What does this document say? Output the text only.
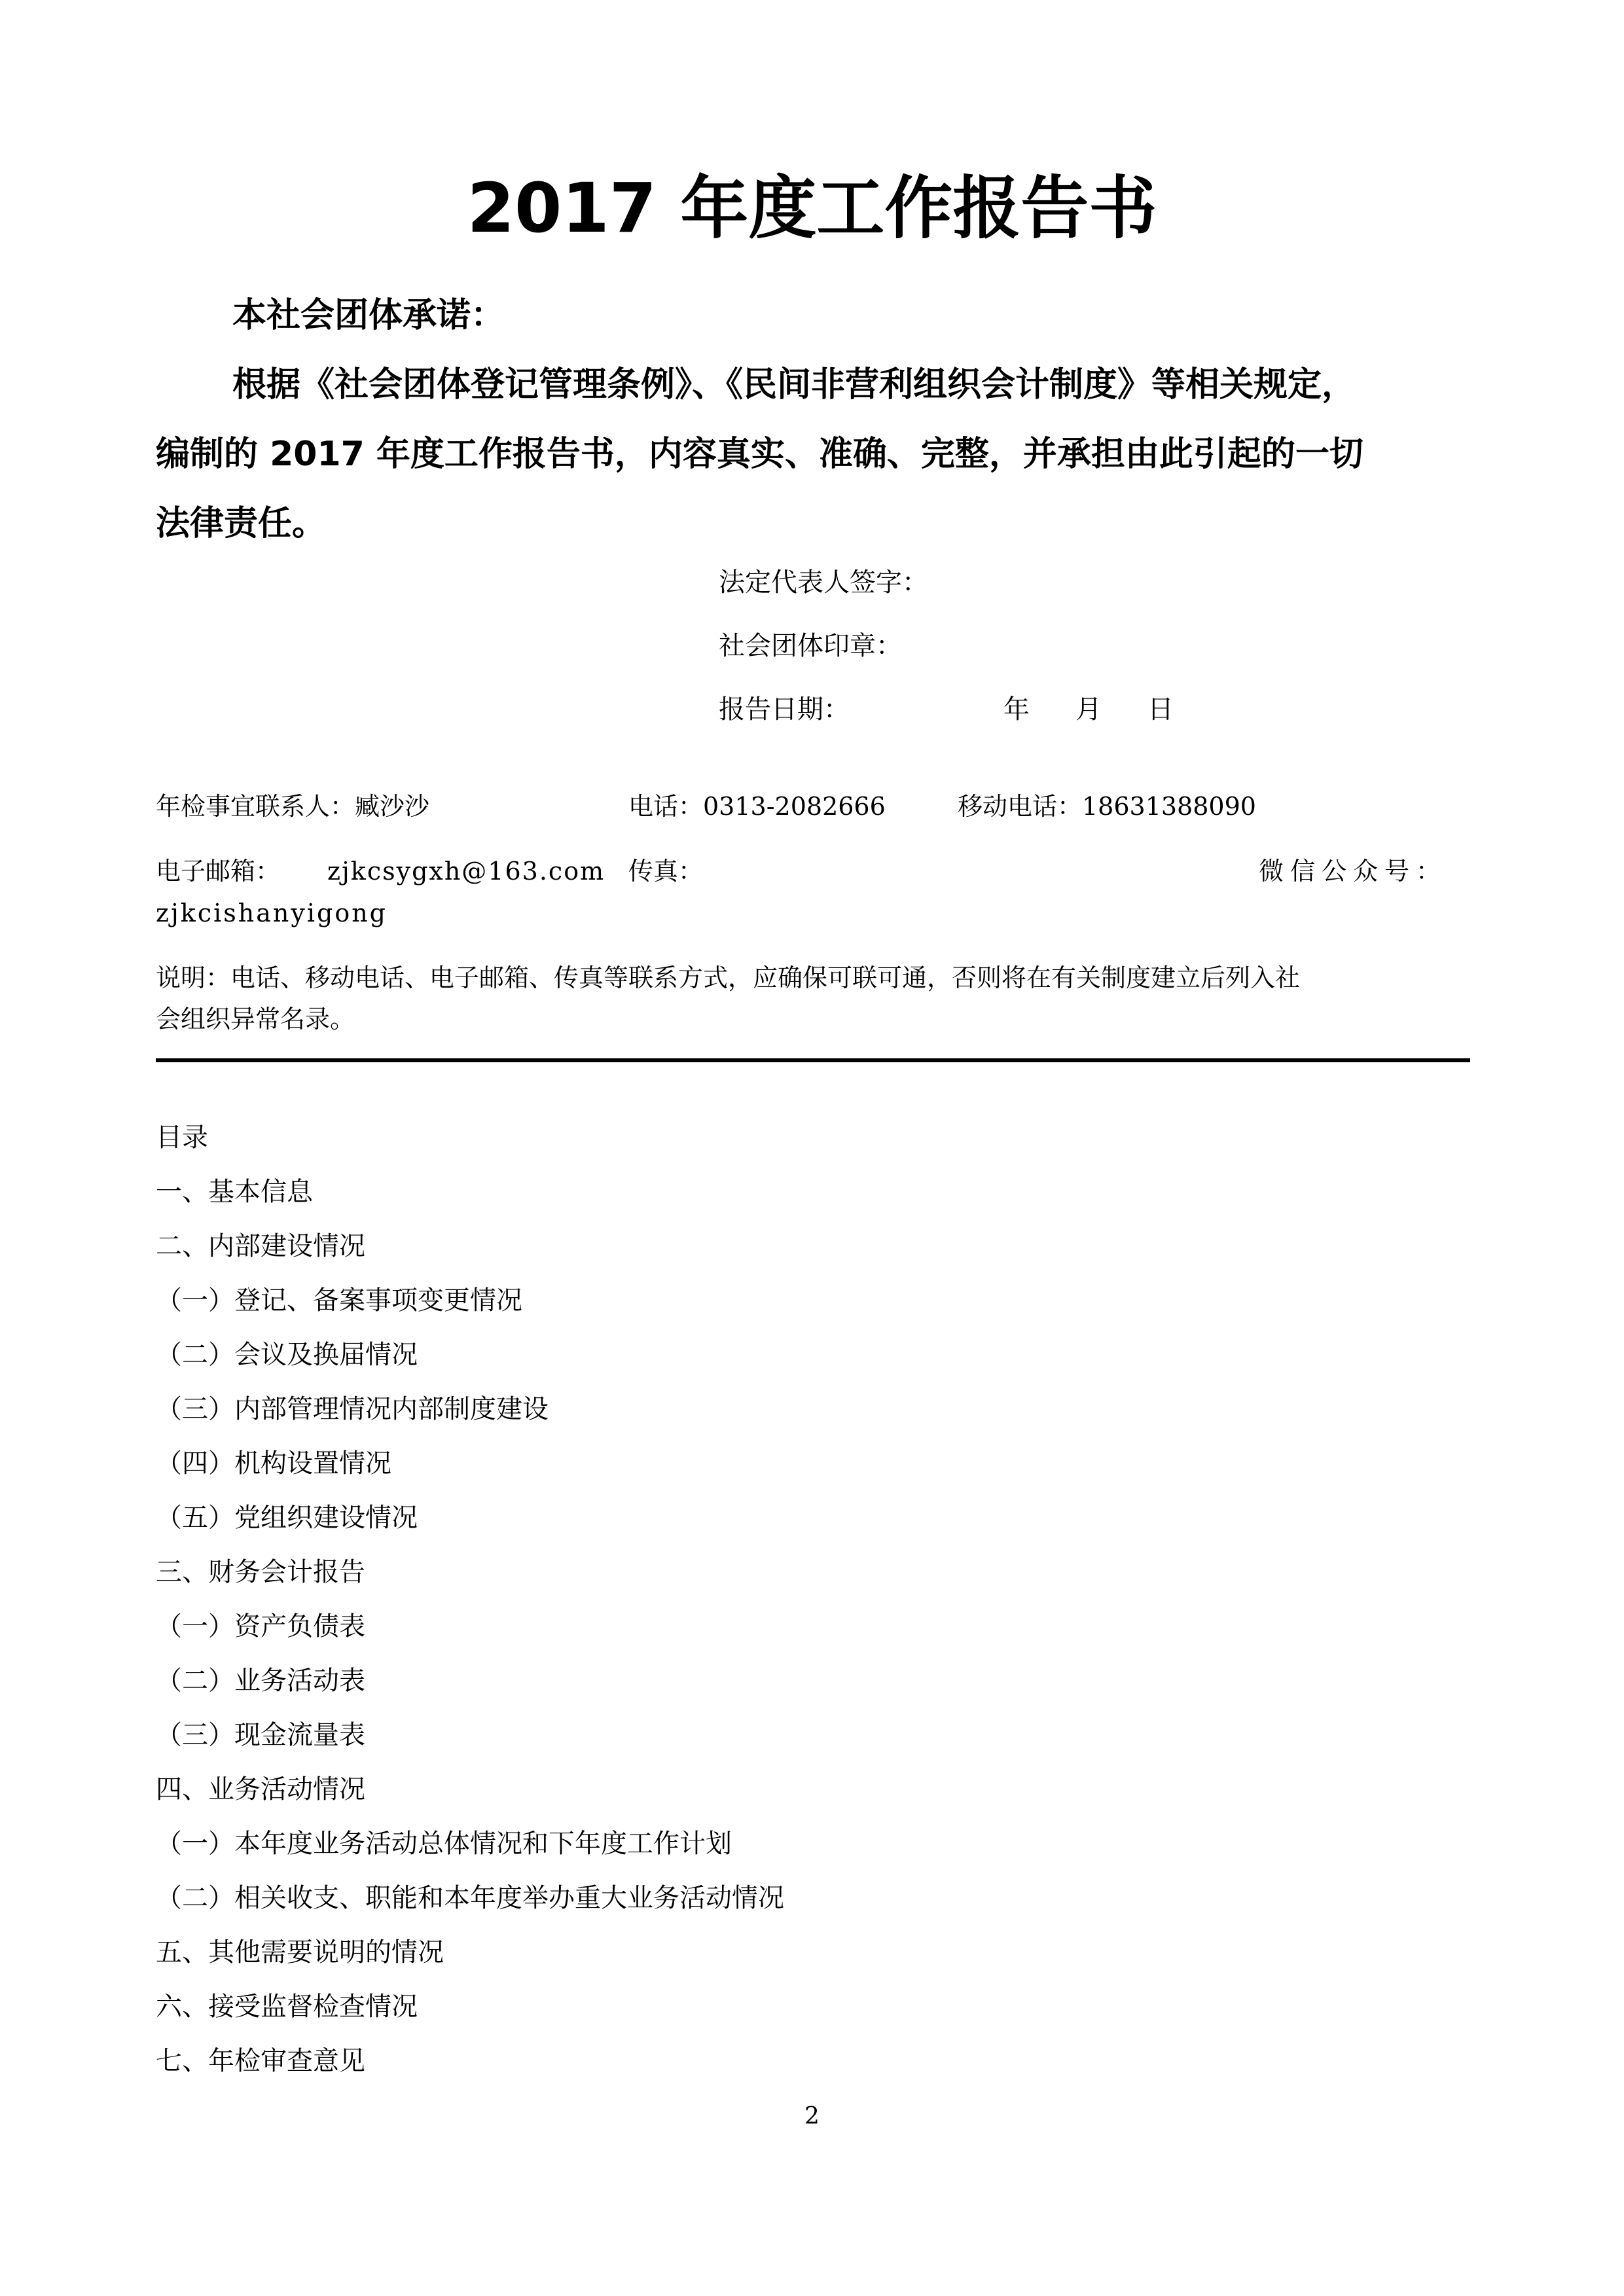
2017 年度工作报告书
本社会团体承诺：
根据《社会团体登记管理条例》、《民间非营利组织会计制度》等相关规定，
编制的 2017 年度工作报告书，内容真实、准确、完整，并承担由此引起的一切
法律责任。
法定代表人签字：
社会团体印章：
报告日期：	年 月 日
年检事宜联系人：臧沙沙	电话：0313-2082666	移动电话：18631388090
电子邮箱： zjkcsygxh@163.com 传真：	微信公众号：
zjkcishanyigong
说明：电话、移动电话、电子邮箱、传真等联系方式，应确保可联可通，否则将在有关制度建立后列入社
会组织异常名录。
目录
一、基本信息
二、内部建设情况
（一）登记、备案事项变更情况
（二）会议及换届情况
（三）内部管理情况内部制度建设
（四）机构设置情况
（五）党组织建设情况
三、财务会计报告
（一）资产负债表
（二）业务活动表
（三）现金流量表
四、业务活动情况
（一）本年度业务活动总体情况和下年度工作计划
（二）相关收支、职能和本年度举办重大业务活动情况
五、其他需要说明的情况
六、接受监督检查情况
七、年检审查意见
2
